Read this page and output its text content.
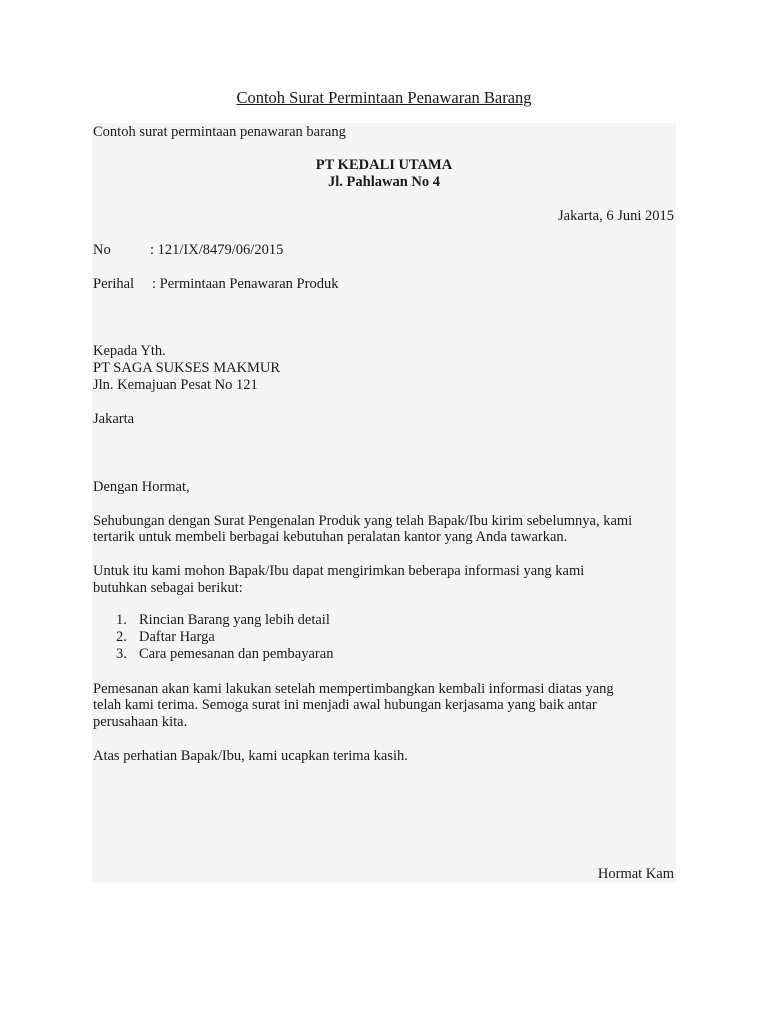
Contoh Surat Permintaan Penawaran Barang

Contoh surat permintaan penawaran barang

PT KEDALI UTAMA

Jl. Pahlawan No 4

Jakarta, 6 Juni 2015

No	: 121/IX/8479/06/2015

Perihal : Permintaan Penawaran Produk

Kepada Yth.

PT SAGA SUKSES MAKMUR

Jln. Kemajuan Pesat No 121

Jakarta

Dengan Hormat,

Sehubungan dengan Surat Pengenalan Produk yang telah Bapak/Ibu kirim sebelumnya, kami

tertarik untuk membeli berbagai kebutuhan peralatan kantor yang Anda tawarkan.

Untuk itu kami mohon Bapak/Ibu dapat mengirimkan beberapa informasi yang kami

butuhkan sebagai berikut:

1. Rincian Barang yang lebih detail
2. Daftar Harga
3. Cara pemesanan dan pembayaran

Pemesanan akan kami lakukan setelah mempertimbangkan kembali informasi diatas yang

telah kami terima. Semoga surat ini menjadi awal hubungan kerjasama yang baik antar

perusahaan kita.

Atas perhatian Bapak/Ibu, kami ucapkan terima kasih.

Hormat Kam
